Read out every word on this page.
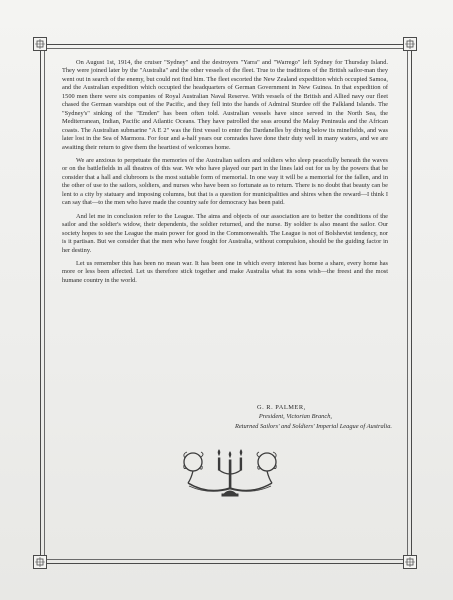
On August 1st, 1914, the cruiser "Sydney" and the destroyers "Yarra" and "Warrego" left Sydney for Thursday Island. They were joined later by the "Australia" and the other vessels of the fleet. True to the traditions of the British sailor-man they went out in search of the enemy, but could not find him. The fleet escorted the New Zealand expedition which occupied Samoa, and the Australian expedition which occupied the headquarters of German Government in New Guinea. In that expedition of 1500 men there were six companies of Royal Australian Naval Reserve. With vessels of the British and Allied navy our fleet chased the German warships out of the Pacific, and they fell into the hands of Admiral Sturdee off the Falkland Islands. The "Sydney's" sinking of the "Emden" has been often told. Australian vessels have since served in the North Sea, the Mediterranean, Indian, Pacific and Atlantic Oceans. They have patrolled the seas around the Malay Peninsula and the African coasts. The Australian submarine "A E 2" was the first vessel to enter the Dardanelles by diving below its minefields, and was later lost in the Sea of Marmora. For four and a-half years our comrades have done their duty well in many waters, and we are awaiting their return to give them the heartiest of welcomes home.

We are anxious to perpetuate the memories of the Australian sailors and soldiers who sleep peacefully beneath the waves or on the battlefields in all theatres of this war. We who have played our part in the lines laid out for us by the powers that be consider that a hall and clubroom is the most suitable form of memorial. In one way it will be a memorial for the fallen, and in the other of use to the sailors, soldiers, and nurses who have been so fortunate as to return. There is no doubt that beauty can be lent to a city by statuary and imposing columns, but that is a question for municipalities and shires when the reward—I think I can say that—to the men who have made the country safe for democracy has been paid.

And let me in conclusion refer to the League. The aims and objects of our association are to better the conditions of the sailor and the soldier's widow, their dependents, the soldier returned, and the nurse. By soldier is also meant the sailor. Our society hopes to see the League the main power for good in the Commonwealth. The League is not of Bolshevist tendency, nor is it partisan. But we consider that the men who have fought for Australia, without compulsion, should be the guiding factor in her destiny.

Let us remember this has been no mean war. It has been one in which every interest has borne a share, every home has more or less been affected. Let us therefore stick together and make Australia what its sons wish—the freest and the most humane country in the world.

G. R. PALMER,
President, Victorian Branch,
Returned Sailors' and Soldiers' Imperial League of Australia.
